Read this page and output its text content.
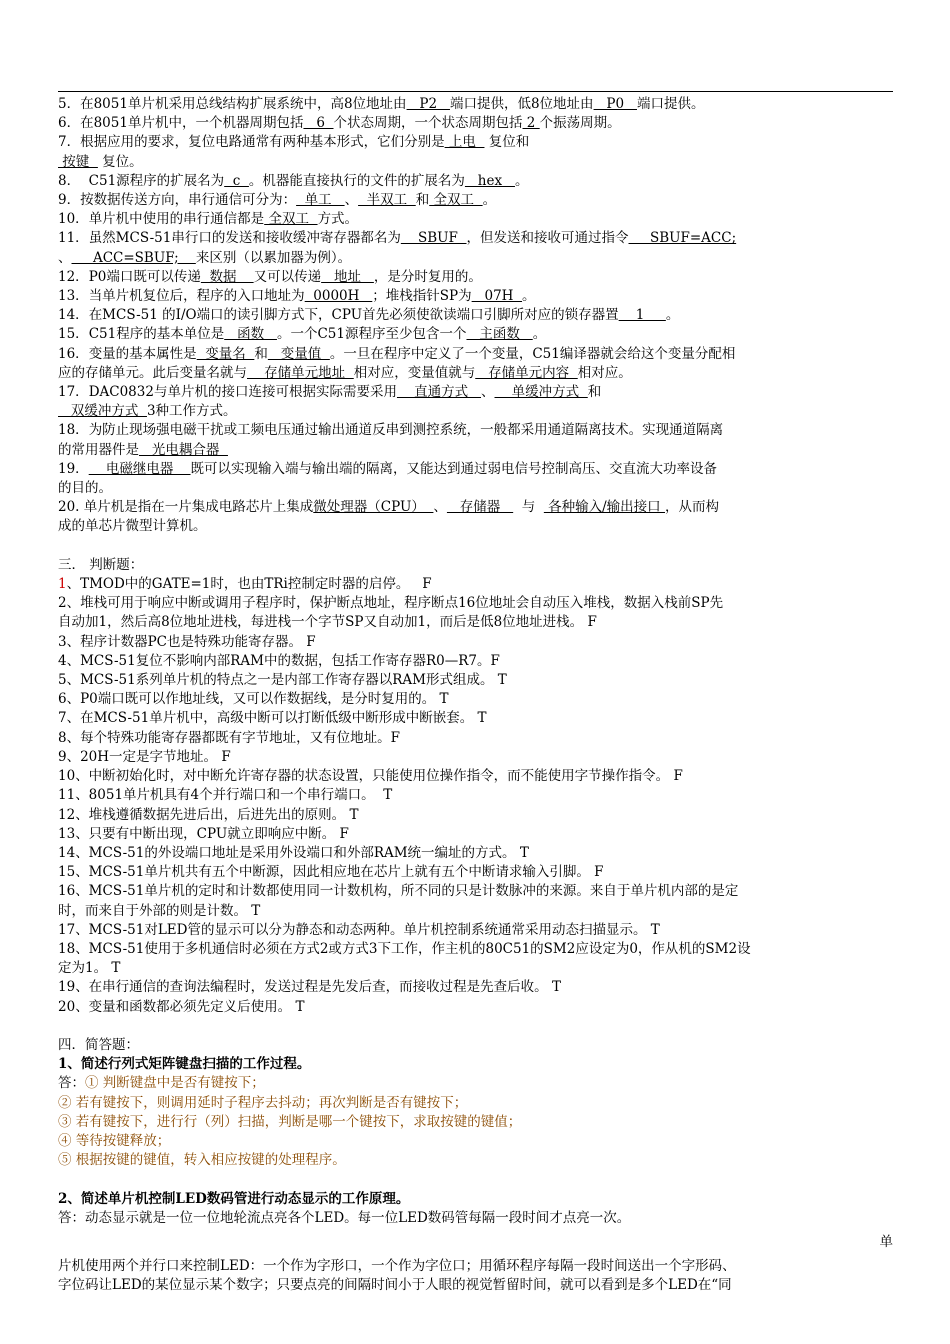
5．在8051单片机采用总线结构扩展系统中，高8位地址由   P2   端口提供，低8位地址由   P0   端口提供。
6．在8051单片机中，一个机器周期包括   6  个状态周期，一个状态周期包括 2 个振荡周期。
7．根据应用的要求，复位电路通常有两种基本形式，它们分别是 上电   复位和
按键   复位。
8．  C51源程序的扩展名为  c  。机器能直接执行的文件的扩展名为   hex   。
9．按数据传送方向，串行通信可分为：  单工   、  半双工  和 全双工  。
10．单片机中使用的串行通信都是 全双工  方式。
11．虽然MCS-51串行口的发送和接收缓冲寄存器都名为    SBUF  ，但发送和接收可通过指令     SBUF=ACC;
、     ACC=SBUF;    来区别（以累加器为例）。
12．P0端口既可以传递  数据    又可以传递   地址   ，是分时复用的。
13．当单片机复位后，程序的入口地址为  0000H   ；堆栈指针SP为   07H  。
14．在MCS-51 的I/O端口的读引脚方式下，CPU首先必须使欲读端口引脚所对应的锁存器置    1     。
15．C51程序的基本单位是   函数   。一个C51源程序至少包含一个   主函数   。
16．变量的基本属性是  变量名  和   变量值  。一旦在程序中定义了一个变量，C51编译器就会给这个变量分配相
应的存储单元。此后变量名就与    存储单元地址  相对应，变量值就与   存储单元内容  相对应。
17．DAC0832与单片机的接口连接可根据实际需要采用    直通方式   、    单缓冲方式  和
双缓冲方式  3种工作方式。
18．为防止现场强电磁干扰或工频电压通过输出通道反串到测控系统，一般都采用通道隔离技术。实现通道隔离
的常用器件是   光电耦合器
19．    电磁继电器    既可以实现输入端与输出端的隔离，又能达到通过弱电信号控制高压、交直流大功率设备
的目的。
20. 单片机是指在一片集成电路芯片上集成微处理器（CPU）  、   存储器     与   各种输入/输出接口 ，从而构
成的单芯片微型计算机。
三． 判断题：
1、TMOD中的GATE=1时，也由TRi控制定时器的启停。   F
2、堆栈可用于响应中断或调用子程序时，保护断点地址，程序断点16位地址会自动压入堆栈，数据入栈前SP先
自动加1，然后高8位地址进栈，每进栈一个字节SP又自动加1，而后是低8位地址进栈。 F
3、程序计数器PC也是特殊功能寄存器。 F
4、MCS-51复位不影响内部RAM中的数据，包括工作寄存器R0—R7。F
5、MCS-51系列单片机的特点之一是内部工作寄存器以RAM形式组成。 T
6、P0端口既可以作地址线，又可以作数据线，是分时复用的。 T
7、在MCS-51单片机中，高级中断可以打断低级中断形成中断嵌套。 T
8、每个特殊功能寄存器都既有字节地址，又有位地址。F
9、20H一定是字节地址。 F
10、中断初始化时，对中断允许寄存器的状态设置，只能使用位操作指令，而不能使用字节操作指令。 F
11、8051单片机具有4个并行端口和一个串行端口。  T
12、堆栈遵循数据先进后出，后进先出的原则。 T
13、只要有中断出现，CPU就立即响应中断。 F
14、MCS-51的外设端口地址是采用外设端口和外部RAM统一编址的方式。 T
15、MCS-51单片机共有五个中断源，因此相应地在芯片上就有五个中断请求输入引脚。 F
16、MCS-51单片机的定时和计数都使用同一计数机构，所不同的只是计数脉冲的来源。来自于单片机内部的是定
时，而来自于外部的则是计数。 T
17、MCS-51对LED管的显示可以分为静态和动态两种。单片机控制系统通常采用动态扫描显示。 T
18、MCS-51使用于多机通信时必须在方式2或方式3下工作，作主机的80C51的SM2应设定为0，作从机的SM2设
定为1。 T
19、在串行通信的查询法编程时，发送过程是先发后查，而接收过程是先查后收。 T
20、变量和函数都必须先定义后使用。 T
四．简答题：
1、简述行列式矩阵键盘扫描的工作过程。
答：① 判断键盘中是否有键按下；
② 若有键按下，则调用延时子程序去抖动；再次判断是否有键按下；
③ 若有键按下，进行行（列）扫描，判断是哪一个键按下，求取按键的键值；
④ 等待按键释放；
⑤ 根据按键的键值，转入相应按键的处理程序。
2、简述单片机控制LED数码管进行动态显示的工作原理。
答：动态显示就是一位一位地轮流点亮各个LED。每一位LED数码管每隔一段时间才点亮一次。
单
片机使用两个并行口来控制LED：一个作为字形口，一个作为字位口；用循环程序每隔一段时间送出一个字形码、
字位码让LED的某位显示某个数字；只要点亮的间隔时间小于人眼的视觉暂留时间，就可以看到是多个LED在“同
